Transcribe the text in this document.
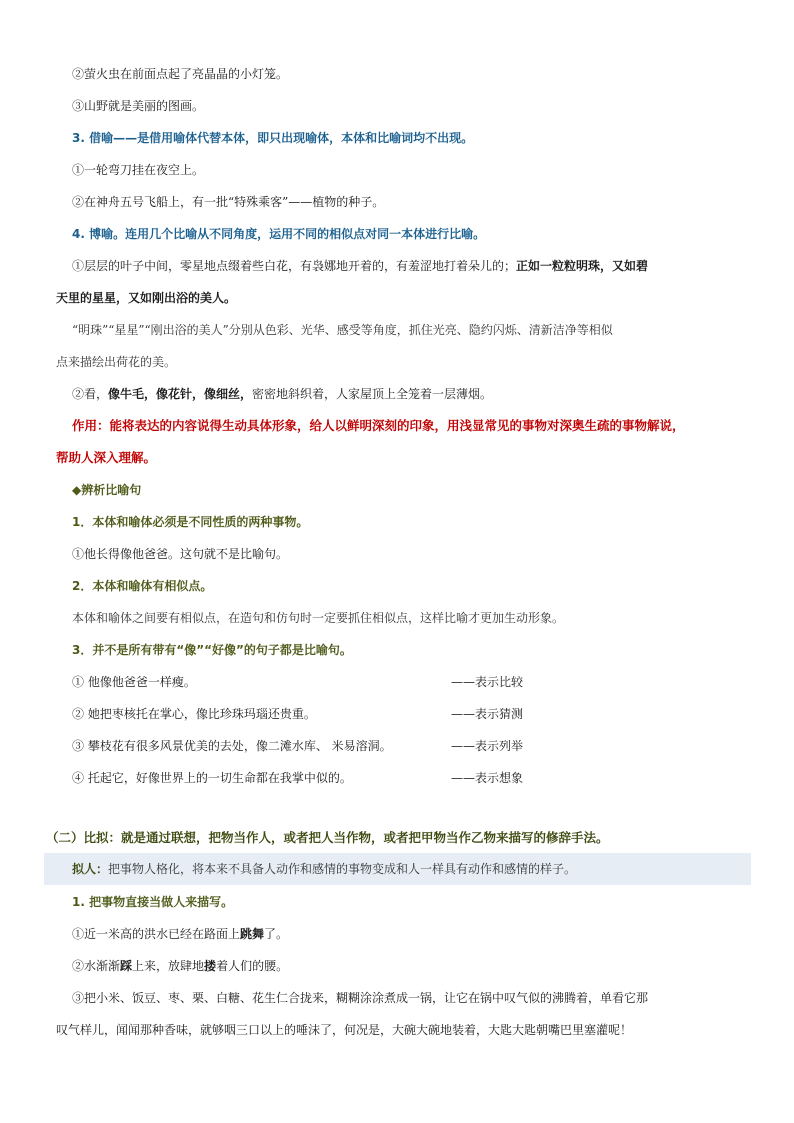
②萤火虫在前面点起了亮晶晶的小灯笼。
③山野就是美丽的图画。
3. 借喻——是借用喻体代替本体，即只出现喻体，本体和比喻词均不出现。
①一轮弯刀挂在夜空上。
②在神舟五号飞船上，有一批“特殊乘客”——植物的种子。
4. 博喻。连用几个比喻从不同角度，运用不同的相似点对同一本体进行比喻。
①层层的叶子中间，零星地点缀着些白花，有袅娜地开着的，有羞涩地打着朵儿的；正如一粒粒明珠，又如碧
天里的星星，又如刚出浴的美人。
“明珠”“星星”“刚出浴的美人”分别从色彩、光华、感受等角度，抓住光亮、隐约闪烁、清新洁净等相似
点来描绘出荷花的美。
②看，像牛毛，像花针，像细丝，密密地斜织着，人家屋顶上全笼着一层薄烟。
作用：能将表达的内容说得生动具体形象，给人以鲜明深刻的印象，用浅显常见的事物对深奥生疏的事物解说，
帮助人深入理解。
◆辨析比喻句
1．本体和喻体必须是不同性质的两种事物。
①他长得像他爸爸。这句就不是比喻句。
2．本体和喻体有相似点。
本体和喻体之间要有相似点，在造句和仿句时一定要抓住相似点，这样比喻才更加生动形象。
3．并不是所有带有“像”“好像”的句子都是比喻句。
① 他像他爸爸一样瘦。	——表示比较
② 她把枣核托在掌心，像比珍珠玛瑙还贵重。	——表示猜测
③ 攀枝花有很多风景优美的去处，像二滩水库、 米易溶洞。	——表示列举
④ 托起它，好像世界上的一切生命都在我掌中似的。	——表示想象
（二）比拟：就是通过联想，把物当作人，或者把人当作物，或者把甲物当作乙物来描写的修辞手法。
拟人：把事物人格化，将本来不具备人动作和感情的事物变成和人一样具有动作和感情的样子。
1. 把事物直接当做人来描写。
①近一米高的洪水已经在路面上跳舞了。
②水渐渐踩上来，放肆地搂着人们的腰。
③把小米、饭豆、枣、栗、白糖、花生仁合拢来，糊糊涂涂煮成一锅，让它在锅中叹气似的沸腾着，单看它那
叹气样儿，闻闻那种香味，就够咽三口以上的唾沫了，何况是，大碗大碗地装着，大匙大匙朝嘴巴里塞灌呢！
